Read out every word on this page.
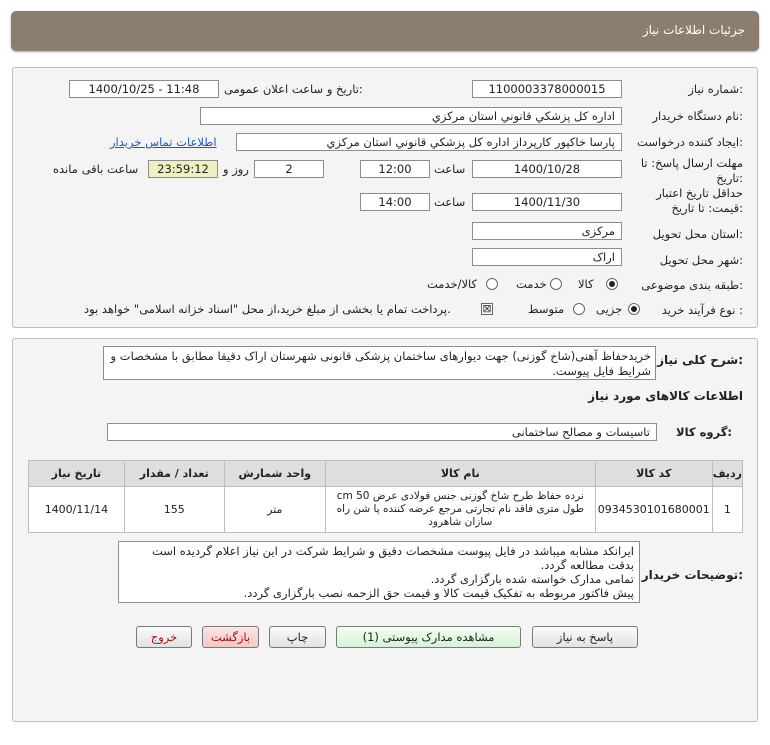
جزئیات اطلاعات نیاز
شماره نیاز:
1100003378000015
تاریخ و ساعت اعلان عمومی:
1400/10/25 - 11:48
نام دستگاه خریدار:
اداره كل پزشكي قانوني استان مركزي
ایجاد کننده درخواست:
پارسا خاكپور كارپرداز اداره كل پزشكي قانوني استان مركزي
اطلاعات تماس خریدار
مهلت ارسال پاسخ: تا
تاریخ:
1400/10/28
ساعت
12:00
2
روز و
23:59:12
ساعت باقی مانده
حداقل تاریخ اعتبار
قیمت: تا تاریخ:
1400/11/30
ساعت
14:00
استان محل تحویل:
مرکزی
شهر محل تحویل:
اراک
طبقه بندی موضوعی:
کالا
خدمت
کالا/خدمت
نوع فرآیند خرید :
جزیی
متوسط
⊠
پرداخت تمام یا بخشی از مبلغ خرید،از محل "اسناد خزانه اسلامی" خواهد بود.
شرح کلی نیاز:
خریدحفاظ آهنی(شاخ گوزنی) جهت دیوارهای ساختمان پزشکی قانونی شهرستان اراک دقیقا مطابق با مشخصات و شرایط فایل پیوست.
اطلاعات کالاهای مورد نیاز
گروه کالا:
تاسیسات و مصالح ساختمانی
ردیف	کد کالا	نام کالا	واحد شمارش	تعداد / مقدار	تاریخ نیاز
1	0934530101680001	نرده حفاظ طرح شاخ گوزنی جنس فولادی عرض 50 cm طول متری فاقد نام تجارتی مرجع عرضه کننده پا شن راه سازان شاهرود	متر	155	1400/11/14
توضیحات خریدار:
ایرانکد مشابه میباشد در فایل پیوست مشخصات دقیق و شرایط شرکت در این نیاز اعلام گردیده است بدقت مطالعه گردد.
تمامی مدارک خواسته شده بارگزاری گردد.
پیش فاکتور مربوطه به تفکیک قیمت کالا و قیمت حق الزحمه نصب بارگزاری گردد.
پاسخ به نیاز
مشاهده مدارک پیوستی (1)
چاپ
بازگشت
خروج
